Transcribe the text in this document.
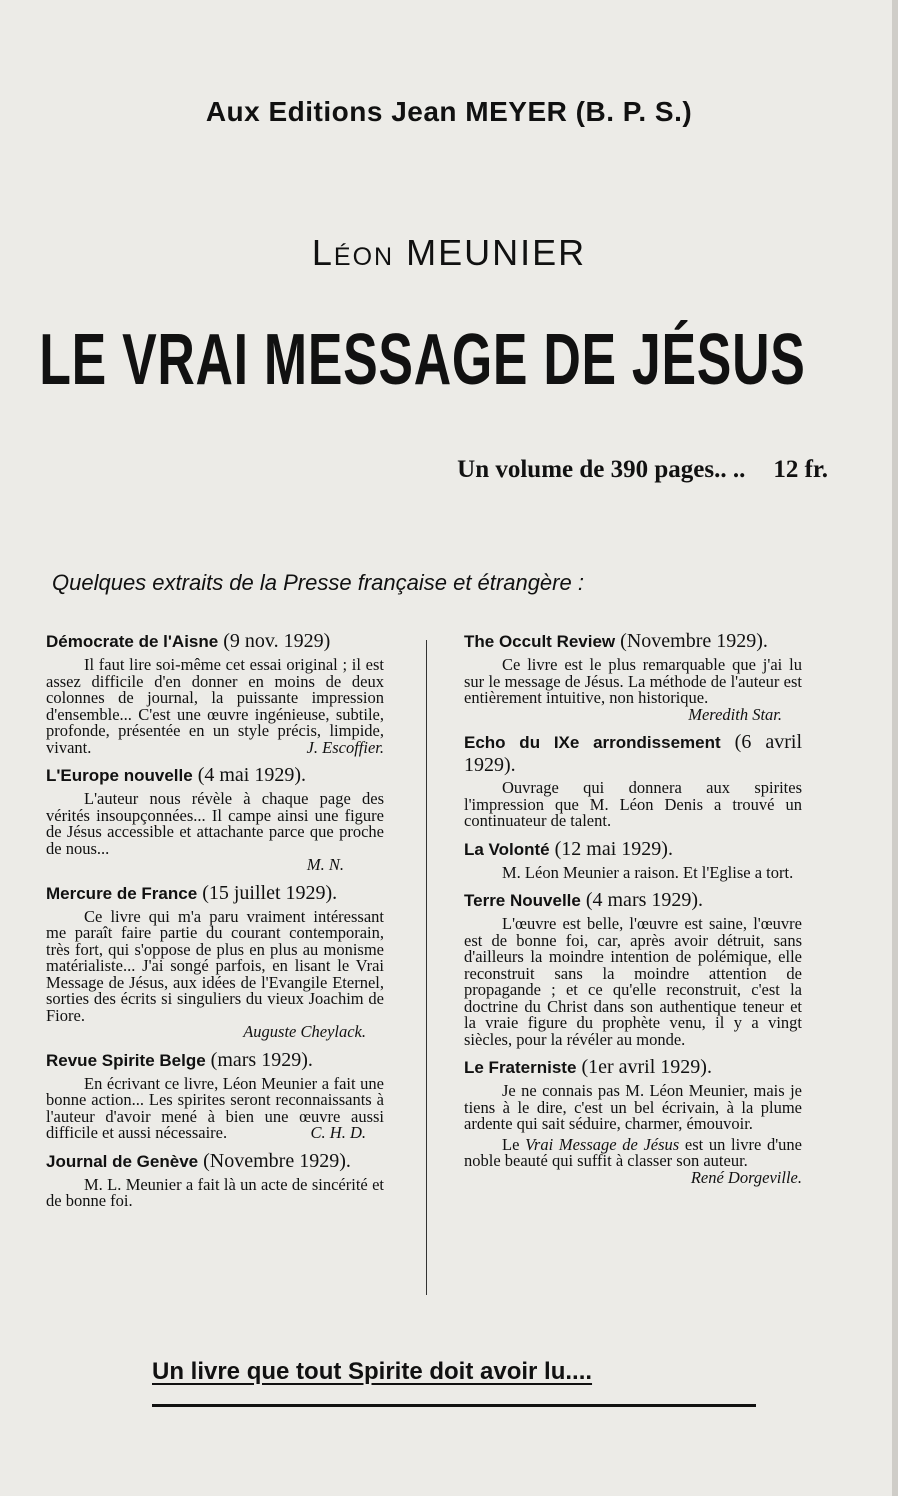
Aux Editions Jean MEYER (B. P. S.)
Léon MEUNIER
LE VRAI MESSAGE DE JÉSUS
Un volume de 390 pages.. .. 12 fr.
Quelques extraits de la Presse française et étrangère :
Démocrate de l'Aisne (9 nov. 1929)
Il faut lire soi-même cet essai original ; il est assez difficile d'en donner en moins de deux colonnes de journal, la puissante impression d'ensemble... C'est une œuvre ingénieuse, subtile, profonde, présentée en un style précis, limpide, vivant.	J. Escoffier.
L'Europe nouvelle (4 mai 1929).
L'auteur nous révèle à chaque page des vérités insoupçonnées... Il campe ainsi une figure de Jésus accessible et attachante parce que proche de nous...
M. N.
Mercure de France (15 juillet 1929).
Ce livre qui m'a paru vraiment intéressant me paraît faire partie du courant contemporain, très fort, qui s'oppose de plus en plus au monisme matérialiste... J'ai songé parfois, en lisant le Vrai Message de Jésus, aux idées de l'Evangile Eternel, sorties des écrits si singuliers du vieux Joachim de Fiore.
Auguste Cheylack.
Revue Spirite Belge (mars 1929).
En écrivant ce livre, Léon Meunier a fait une bonne action... Les spirites seront reconnaissants à l'auteur d'avoir mené à bien une œuvre aussi difficile et aussi nécessaire.	C. H. D.
Journal de Genève (Novembre 1929).
M. L. Meunier a fait là un acte de sincérité et de bonne foi.
The Occult Review (Novembre 1929).
Ce livre est le plus remarquable que j'ai lu sur le message de Jésus. La méthode de l'auteur est entièrement intuitive, non historique.
Meredith Star.
Echo du IXe arrondissement (6 avril 1929).
Ouvrage qui donnera aux spirites l'impression que M. Léon Denis a trouvé un continuateur de talent.
La Volonté (12 mai 1929).
M. Léon Meunier a raison. Et l'Eglise a tort.
Terre Nouvelle (4 mars 1929).
L'œuvre est belle, l'œuvre est saine, l'œuvre est de bonne foi, car, après avoir détruit, sans d'ailleurs la moindre intention de polémique, elle reconstruit sans la moindre attention de propagande ; et ce qu'elle reconstruit, c'est la doctrine du Christ dans son authentique teneur et la vraie figure du prophète venu, il y a vingt siècles, pour la révéler au monde.
Le Fraterniste (1er avril 1929).
Je ne connais pas M. Léon Meunier, mais je tiens à le dire, c'est un bel écrivain, à la plume ardente qui sait séduire, charmer, émouvoir.
Le Vrai Message de Jésus est un livre d'une noble beauté qui suffit à classer son auteur.
René Dorgeville.
Un livre que tout Spirite doit avoir lu....
